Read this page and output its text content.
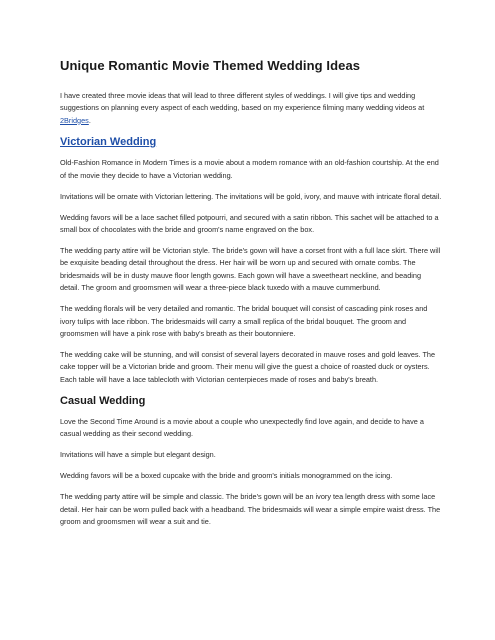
Unique Romantic Movie Themed Wedding Ideas

I have created three movie ideas that will lead to three different styles of weddings. I will give tips and wedding suggestions on planning every aspect of each wedding, based on my experience filming many wedding videos at 2Bridges.

Victorian Wedding

Old-Fashion Romance in Modern Times is a movie about a modern romance with an old-fashion courtship. At the end of the movie they decide to have a Victorian wedding.

Invitations will be ornate with Victorian lettering. The invitations will be gold, ivory, and mauve with intricate floral detail.

Wedding favors will be a lace sachet filled potpourri, and secured with a satin ribbon. This sachet will be attached to a small box of chocolates with the bride and groom's name engraved on the box.

The wedding party attire will be Victorian style. The bride's gown will have a corset front with a full lace skirt. There will be exquisite beading detail throughout the dress. Her hair will be worn up and secured with ornate combs. The bridesmaids will be in dusty mauve floor length gowns. Each gown will have a sweetheart neckline, and beading detail. The groom and groomsmen will wear a three-piece black tuxedo with a mauve cummerbund.

The wedding florals will be very detailed and romantic. The bridal bouquet will consist of cascading pink roses and ivory tulips with lace ribbon. The bridesmaids will carry a small replica of the bridal bouquet. The groom and groomsmen will have a pink rose with baby's breath as their boutonniere.

The wedding cake will be stunning, and will consist of several layers decorated in mauve roses and gold leaves. The cake topper will be a Victorian bride and groom. Their menu will give the guest a choice of roasted duck or oysters. Each table will have a lace tablecloth with Victorian centerpieces made of roses and baby's breath.

Casual Wedding

Love the Second Time Around is a movie about a couple who unexpectedly find love again, and decide to have a casual wedding as their second wedding.

Invitations will have a simple but elegant design.

Wedding favors will be a boxed cupcake with the bride and groom's initials monogrammed on the icing.

The wedding party attire will be simple and classic. The bride's gown will be an ivory tea length dress with some lace detail. Her hair can be worn pulled back with a headband. The bridesmaids will wear a simple empire waist dress. The groom and groomsmen will wear a suit and tie.
